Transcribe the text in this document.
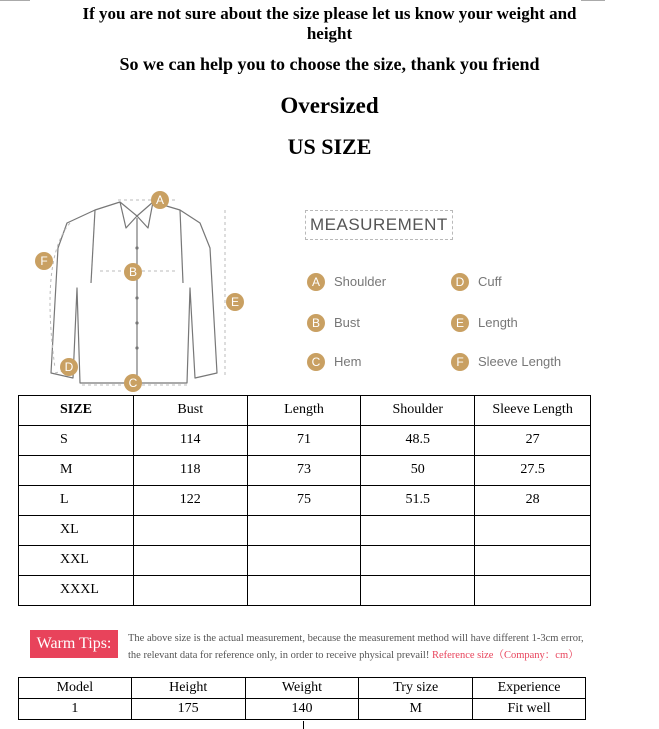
If you are not sure about the size please let us know your weight and height
So we can help you to choose the size, thank you friend
Oversized
US SIZE
A
B
C
D
E
F
MEASUREMENT
A	Shoulder
B	Bust
C	Hem
D	Cuff
E	Length
F	Sleeve Length
SIZE	Bust	Length	Shoulder	Sleeve Length
S	114	71	48.5	27
M	118	73	50	27.5
L	122	75	51.5	28
XL				
XXL				
XXXL				
Warm Tips:	The above size is the actual measurement, because the measurement method will have different 1-3cm error,
the relevant data for reference only, in order to receive physical prevail! Reference size（Company：cm）
Model	Height	Weight	Try size	Experience
1	175	140	M	Fit well
